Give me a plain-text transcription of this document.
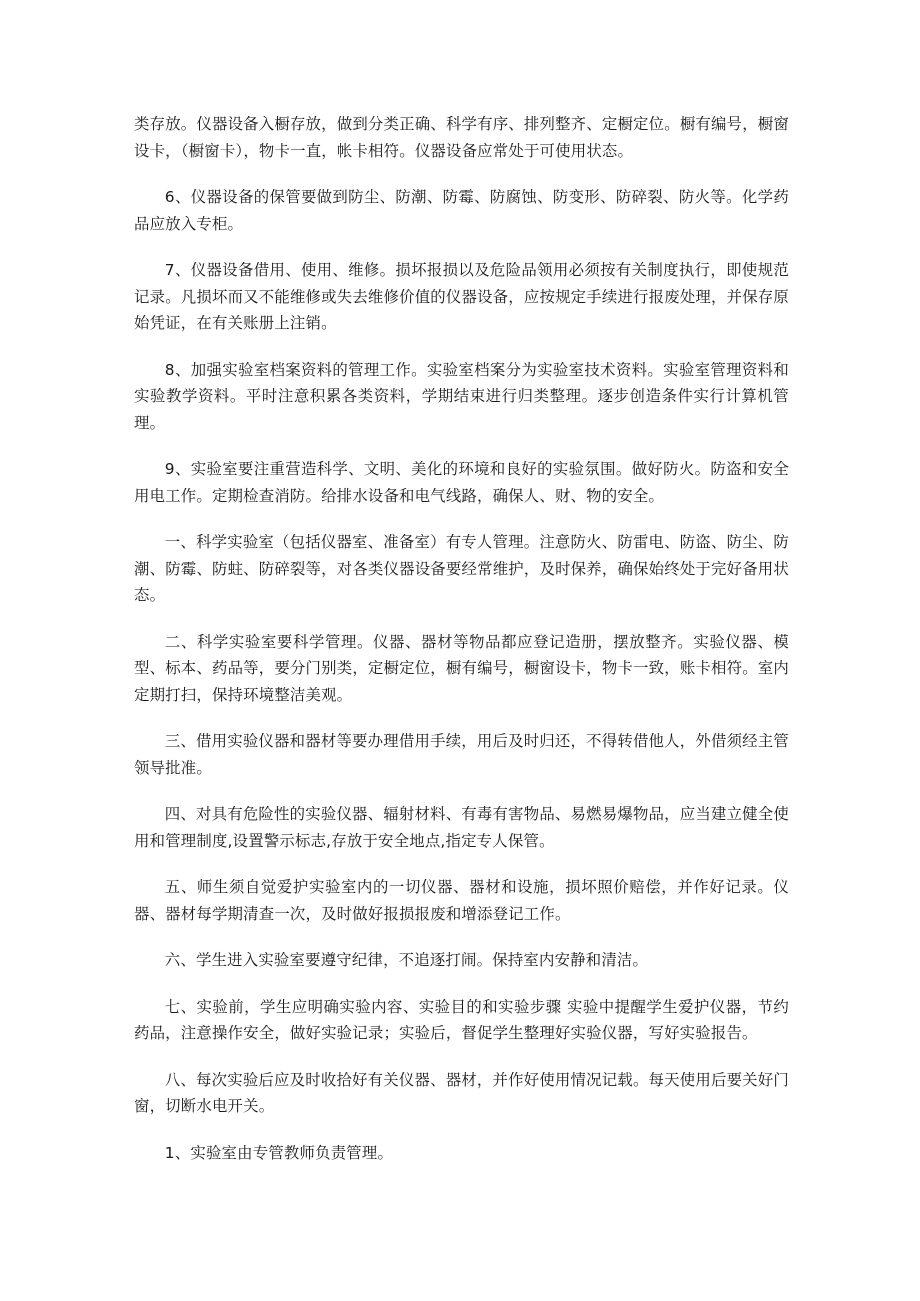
类存放。仪器设备入橱存放，做到分类正确、科学有序、排列整齐、定橱定位。橱有编号，橱窗设卡，（橱窗卡），物卡一直，帐卡相符。仪器设备应常处于可使用状态。

6、仪器设备的保管要做到防尘、防潮、防霉、防腐蚀、防变形、防碎裂、防火等。化学药品应放入专柜。

7、仪器设备借用、使用、维修。损坏报损以及危险品领用必须按有关制度执行，即使规范记录。凡损坏而又不能维修或失去维修价值的仪器设备，应按规定手续进行报废处理，并保存原始凭证，在有关账册上注销。

8、加强实验室档案资料的管理工作。实验室档案分为实验室技术资料。实验室管理资料和实验教学资料。平时注意积累各类资料，学期结束进行归类整理。逐步创造条件实行计算机管理。

9、实验室要注重营造科学、文明、美化的环境和良好的实验氛围。做好防火。防盗和安全用电工作。定期检查消防。给排水设备和电气线路，确保人、财、物的安全。

一、科学实验室（包括仪器室、准备室）有专人管理。注意防火、防雷电、防盗、防尘、防潮、防霉、防蛀、防碎裂等，对各类仪器设备要经常维护，及时保养，确保始终处于完好备用状态。

二、科学实验室要科学管理。仪器、器材等物品都应登记造册，摆放整齐。实验仪器、模型、标本、药品等，要分门别类，定橱定位，橱有编号，橱窗设卡，物卡一致，账卡相符。室内定期打扫，保持环境整洁美观。

三、借用实验仪器和器材等要办理借用手续，用后及时归还，不得转借他人，外借须经主管领导批准。

四、对具有危险性的实验仪器、辐射材料、有毒有害物品、易燃易爆物品，应当建立健全使用和管理制度,设置警示标志,存放于安全地点,指定专人保管。

五、师生须自觉爱护实验室内的一切仪器、器材和设施，损坏照价赔偿，并作好记录。仪器、器材每学期清查一次，及时做好报损报废和增添登记工作。

六、学生进入实验室要遵守纪律，不追逐打闹。保持室内安静和清洁。

七、实验前，学生应明确实验内容、实验目的和实验步骤 实验中提醒学生爱护仪器，节约药品，注意操作安全，做好实验记录；实验后，督促学生整理好实验仪器，写好实验报告。

八、每次实验后应及时收拾好有关仪器、器材，并作好使用情况记载。每天使用后要关好门窗，切断水电开关。

1、实验室由专管教师负责管理。
